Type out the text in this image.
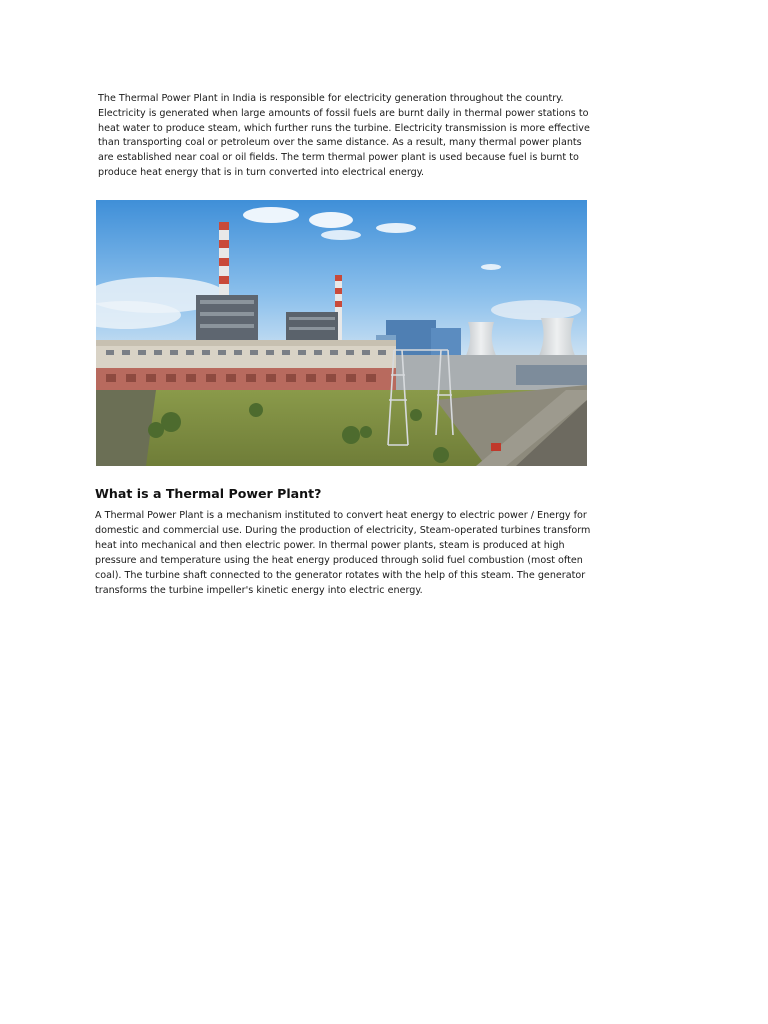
The Thermal Power Plant in India is responsible for electricity generation throughout the country. Electricity is generated when large amounts of fossil fuels are burnt daily in thermal power stations to heat water to produce steam, which further runs the turbine. Electricity transmission is more effective than transporting coal or petroleum over the same distance. As a result, many thermal power plants are established near coal or oil fields. The term thermal power plant is used because fuel is burnt to produce heat energy that is in turn converted into electrical energy.

What is a Thermal Power Plant?

A Thermal Power Plant is a mechanism instituted to convert heat energy to electric power / Energy for domestic and commercial use. During the production of electricity, Steam-operated turbines transform heat into mechanical and then electric power. In thermal power plants, steam is produced at high pressure and temperature using the heat energy produced through solid fuel combustion (most often coal). The turbine shaft connected to the generator rotates with the help of this steam. The generator transforms the turbine impeller's kinetic energy into electric energy.
